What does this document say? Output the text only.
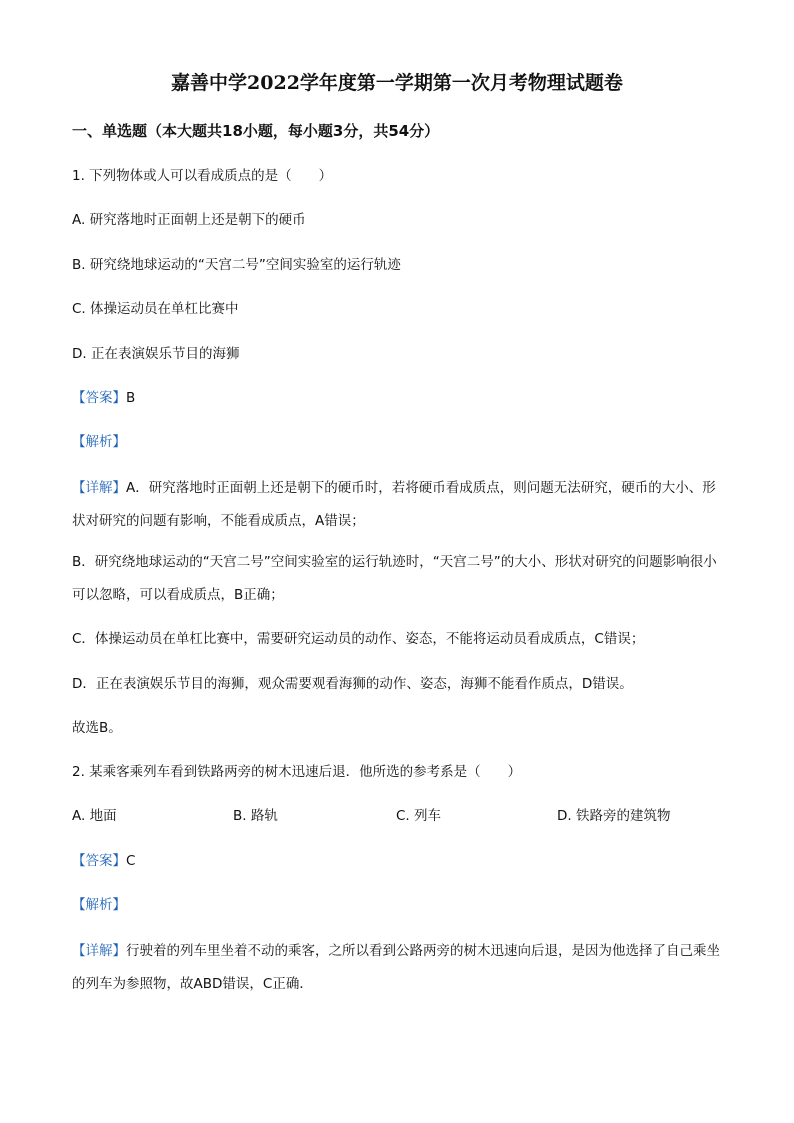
嘉善中学2022学年度第一学期第一次月考物理试题卷
一、单选题（本大题共18小题，每小题3分，共54分）
1. 下列物体或人可以看成质点的是（　　）
A. 研究落地时正面朝上还是朝下的硬币
B. 研究绕地球运动的“天宫二号”空间实验室的运行轨迹
C. 体操运动员在单杠比赛中
D. 正在表演娱乐节目的海狮
【答案】B
【解析】
【详解】A．研究落地时正面朝上还是朝下的硬币时，若将硬币看成质点，则问题无法研究，硬币的大小、形状对研究的问题有影响，不能看成质点，A错误；
B．研究绕地球运动的“天宫二号”空间实验室的运行轨迹时，“天宫二号”的大小、形状对研究的问题影响很小可以忽略，可以看成质点，B正确；
C．体操运动员在单杠比赛中，需要研究运动员的动作、姿态，不能将运动员看成质点，C错误；
D．正在表演娱乐节目的海狮，观众需要观看海狮的动作、姿态，海狮不能看作质点，D错误。
故选B。
2. 某乘客乘列车看到铁路两旁的树木迅速后退．他所选的参考系是（　　）
A. 地面	B. 路轨	C. 列车	D. 铁路旁的建筑物
【答案】C
【解析】
【详解】行驶着的列车里坐着不动的乘客，之所以看到公路两旁的树木迅速向后退，是因为他选择了自己乘坐的列车为参照物，故ABD错误，C正确．
